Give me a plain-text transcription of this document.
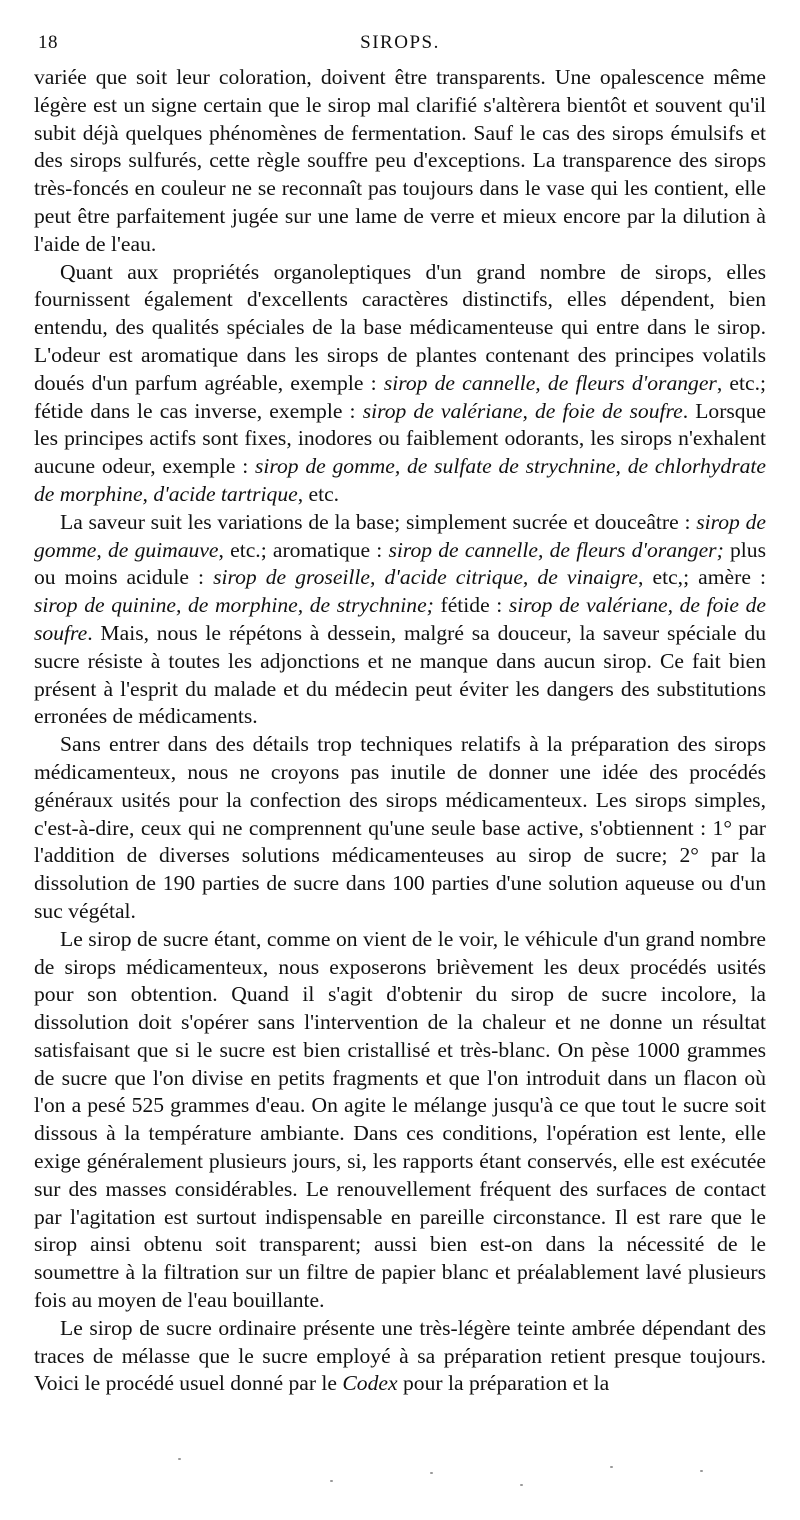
18	SIROPS.

variée que soit leur coloration, doivent être transparents. Une opalescence même légère est un signe certain que le sirop mal clarifié s'altèrera bientôt et souvent qu'il subit déjà quelques phénomènes de fermentation. Sauf le cas des sirops émulsifs et des sirops sulfurés, cette règle souffre peu d'exceptions. La transparence des sirops très-foncés en couleur ne se reconnaît pas toujours dans le vase qui les contient, elle peut être parfaitement jugée sur une lame de verre et mieux encore par la dilution à l'aide de l'eau.

Quant aux propriétés organoleptiques d'un grand nombre de sirops, elles fournissent également d'excellents caractères distinctifs, elles dépendent, bien entendu, des qualités spéciales de la base médicamenteuse qui entre dans le sirop. L'odeur est aromatique dans les sirops de plantes contenant des principes volatils doués d'un parfum agréable, exemple : sirop de cannelle, de fleurs d'oranger, etc.; fétide dans le cas inverse, exemple : sirop de valériane, de foie de soufre. Lorsque les principes actifs sont fixes, inodores ou faiblement odorants, les sirops n'exhalent aucune odeur, exemple : sirop de gomme, de sulfate de strychnine, de chlorhydrate de morphine, d'acide tartrique, etc.

La saveur suit les variations de la base; simplement sucrée et douceâtre : sirop de gomme, de guimauve, etc.; aromatique : sirop de cannelle, de fleurs d'oranger; plus ou moins acidule : sirop de groseille, d'acide citrique, de vinaigre, etc,; amère : sirop de quinine, de morphine, de strychnine; fétide : sirop de valériane, de foie de soufre. Mais, nous le répétons à dessein, malgré sa douceur, la saveur spéciale du sucre résiste à toutes les adjonctions et ne manque dans aucun sirop. Ce fait bien présent à l'esprit du malade et du médecin peut éviter les dangers des substitutions erronées de médicaments.

Sans entrer dans des détails trop techniques relatifs à la préparation des sirops médicamenteux, nous ne croyons pas inutile de donner une idée des procédés généraux usités pour la confection des sirops médicamenteux. Les sirops simples, c'est-à-dire, ceux qui ne comprennent qu'une seule base active, s'obtiennent : 1° par l'addition de diverses solutions médicamenteuses au sirop de sucre; 2° par la dissolution de 190 parties de sucre dans 100 parties d'une solution aqueuse ou d'un suc végétal.

Le sirop de sucre étant, comme on vient de le voir, le véhicule d'un grand nombre de sirops médicamenteux, nous exposerons brièvement les deux procédés usités pour son obtention. Quand il s'agit d'obtenir du sirop de sucre incolore, la dissolution doit s'opérer sans l'intervention de la chaleur et ne donne un résultat satisfaisant que si le sucre est bien cristallisé et très-blanc. On pèse 1000 grammes de sucre que l'on divise en petits fragments et que l'on introduit dans un flacon où l'on a pesé 525 grammes d'eau. On agite le mélange jusqu'à ce que tout le sucre soit dissous à la température ambiante. Dans ces conditions, l'opération est lente, elle exige généralement plusieurs jours, si, les rapports étant conservés, elle est exécutée sur des masses considérables. Le renouvellement fréquent des surfaces de contact par l'agitation est surtout indispensable en pareille circonstance. Il est rare que le sirop ainsi obtenu soit transparent; aussi bien est-on dans la nécessité de le soumettre à la filtration sur un filtre de papier blanc et préalablement lavé plusieurs fois au moyen de l'eau bouillante.

Le sirop de sucre ordinaire présente une très-légère teinte ambrée dépendant des traces de mélasse que le sucre employé à sa préparation retient presque toujours. Voici le procédé usuel donné par le Codex pour la préparation et la
